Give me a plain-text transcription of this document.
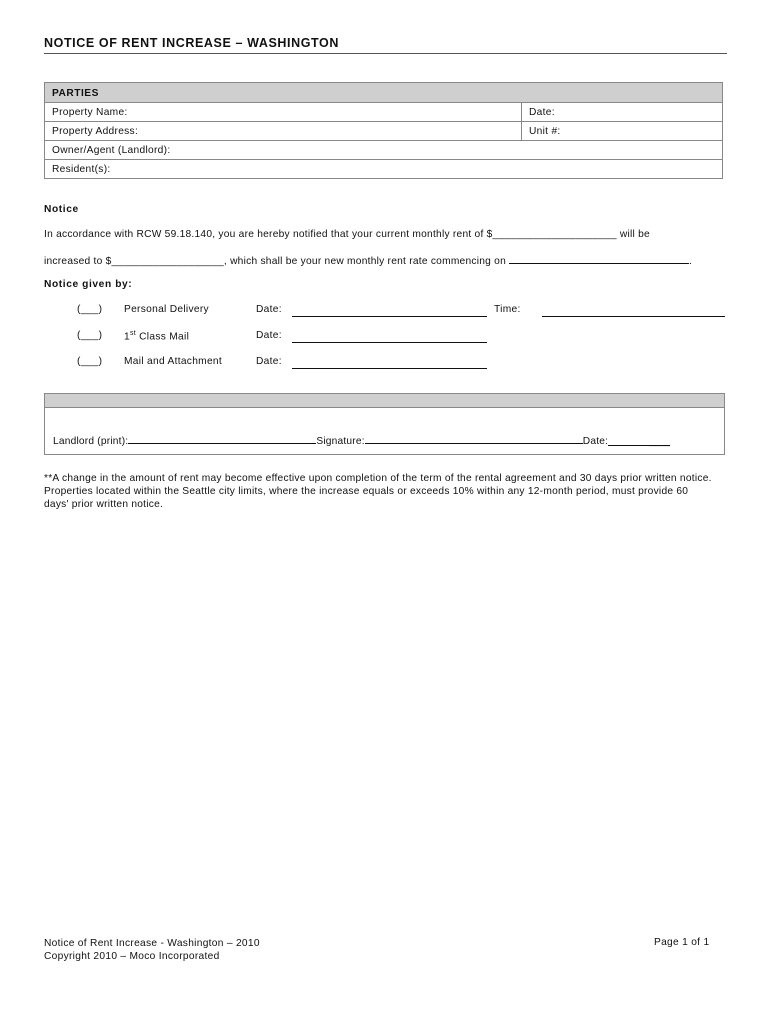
NOTICE OF RENT INCREASE – WASHINGTON
PARTIES	
Property Name:	Date:
Property Address:	Unit #:
Owner/Agent (Landlord):	
Resident(s):	
Notice
In accordance with RCW 59.18.140, you are hereby notified that your current monthly rent of $_____________________ will be
increased to $___________________, which shall be your new monthly rent rate commencing on	.
Notice given by:
(___) Personal Delivery	Date:	Time:
(___) 1st Class Mail	Date:
(___) Mail and Attachment	Date:
Landlord (print):	Signature:	Date:	____
**A change in the amount of rent may become effective upon completion of the term of the rental agreement and 30 days prior written notice. Properties located within the Seattle city limits, where the increase equals or exceeds 10% within any 12-month period, must provide 60 days' prior written notice.
Notice of Rent Increase - Washington – 2010
Copyright 2010 – Moco Incorporated
Page 1 of 1
